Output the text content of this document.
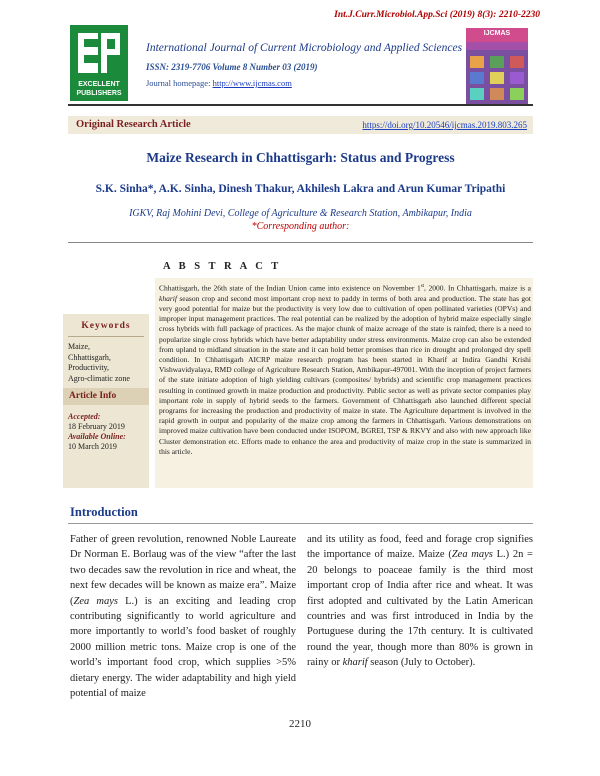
Int.J.Curr.Microbiol.App.Sci (2019) 8(3): 2210-2230
EXCELLENT
PUBLISHERS
International Journal of Current Microbiology and Applied Sciences
ISSN: 2319-7706 Volume 8 Number 03 (2019)
Journal homepage: http://www.ijcmas.com
IJCMAS
Original Research Article	https://doi.org/10.20546/ijcmas.2019.803.265
Maize Research in Chhattisgarh: Status and Progress
S.K. Sinha*, A.K. Sinha, Dinesh Thakur, Akhilesh Lakra and Arun Kumar Tripathi
IGKV, Raj Mohini Devi, College of Agriculture & Research Station, Ambikapur, India
*Corresponding author:
A B S T R A C T
Chhattisgarh, the 26th state of the Indian Union came into existence on November 1st, 2000. In Chhattisgarh, maize is a kharif season crop and second most important crop next to paddy in terms of both area and production. The state has got very good potential for maize but the productivity is very low due to cultivation of open pollinated varieties (OPVs) and improper input management practices. The real potential can be realized by the adoption of hybrid maize especially single cross hybrids with full package of practices. As the major chunk of maize acreage of the state is rainfed, there is a need to popularize single cross hybrids which have better adaptability under stress environments. Maize crop can also be extended from upland to midland situation in the state and it can hold better promises than rice in drought and prolonged dry spell condition. In Chhattisgarh AICRP maize research program has been started in Kharif at Indira Gandhi Krishi Vishwavidyalaya, RMD college of Agriculture Research Station, Ambikapur-497001. With the inception of project farmers of the state initiate adoption of high yielding cultivars (composites/ hybrids) and scientific crop management practices resulting in continued growth in maize production and productivity. Public sector as well as private sector companies play important role in supply of hybrid seeds to the farmers. Government of Chhattisgarh also launched different special programs for increasing the production and productivity of maize in state. The Agriculture department is involved in the rapid growth in output and popularity of the maize crop among the farmers in Chhattisgarh. Various demonstrations on improved maize cultivation have been conducted under ISOPOM, BGREI, TSP & RKVY and also with new approach like Cluster demonstration etc. Efforts made to enhance the area and productivity of maize crop in the state is summarized in this article.
Keywords
Maize,
Chhattisgarh,
Productivity,
Agro-climatic zone
Article Info
Accepted:
18 February 2019
Available Online:
10 March 2019
Introduction
Father of green revolution, renowned Noble Laureate Dr Norman E. Borlaug was of the view “after the last two decades saw the revolution in rice and wheat, the next few decades will be known as maize era”. Maize (Zea mays L.) is an exciting and leading crop contributing significantly to world agriculture and more importantly to world’s food basket of roughly 2000 million metric tons. Maize crop is one of the world’s important food crop, which supplies >5% dietary energy. The wider adaptability and high yield potential of maize
and its utility as food, feed and forage crop signifies the importance of maize. Maize (Zea mays L.) 2n = 20 belongs to poaceae family is the third most important crop of India after rice and wheat. It was first adopted and cultivated by the Latin American countries and was first introduced in India by the Portuguese during the 17th century. It is cultivated round the year, though more than 80% is grown in rainy or kharif season (July to October).
2210
